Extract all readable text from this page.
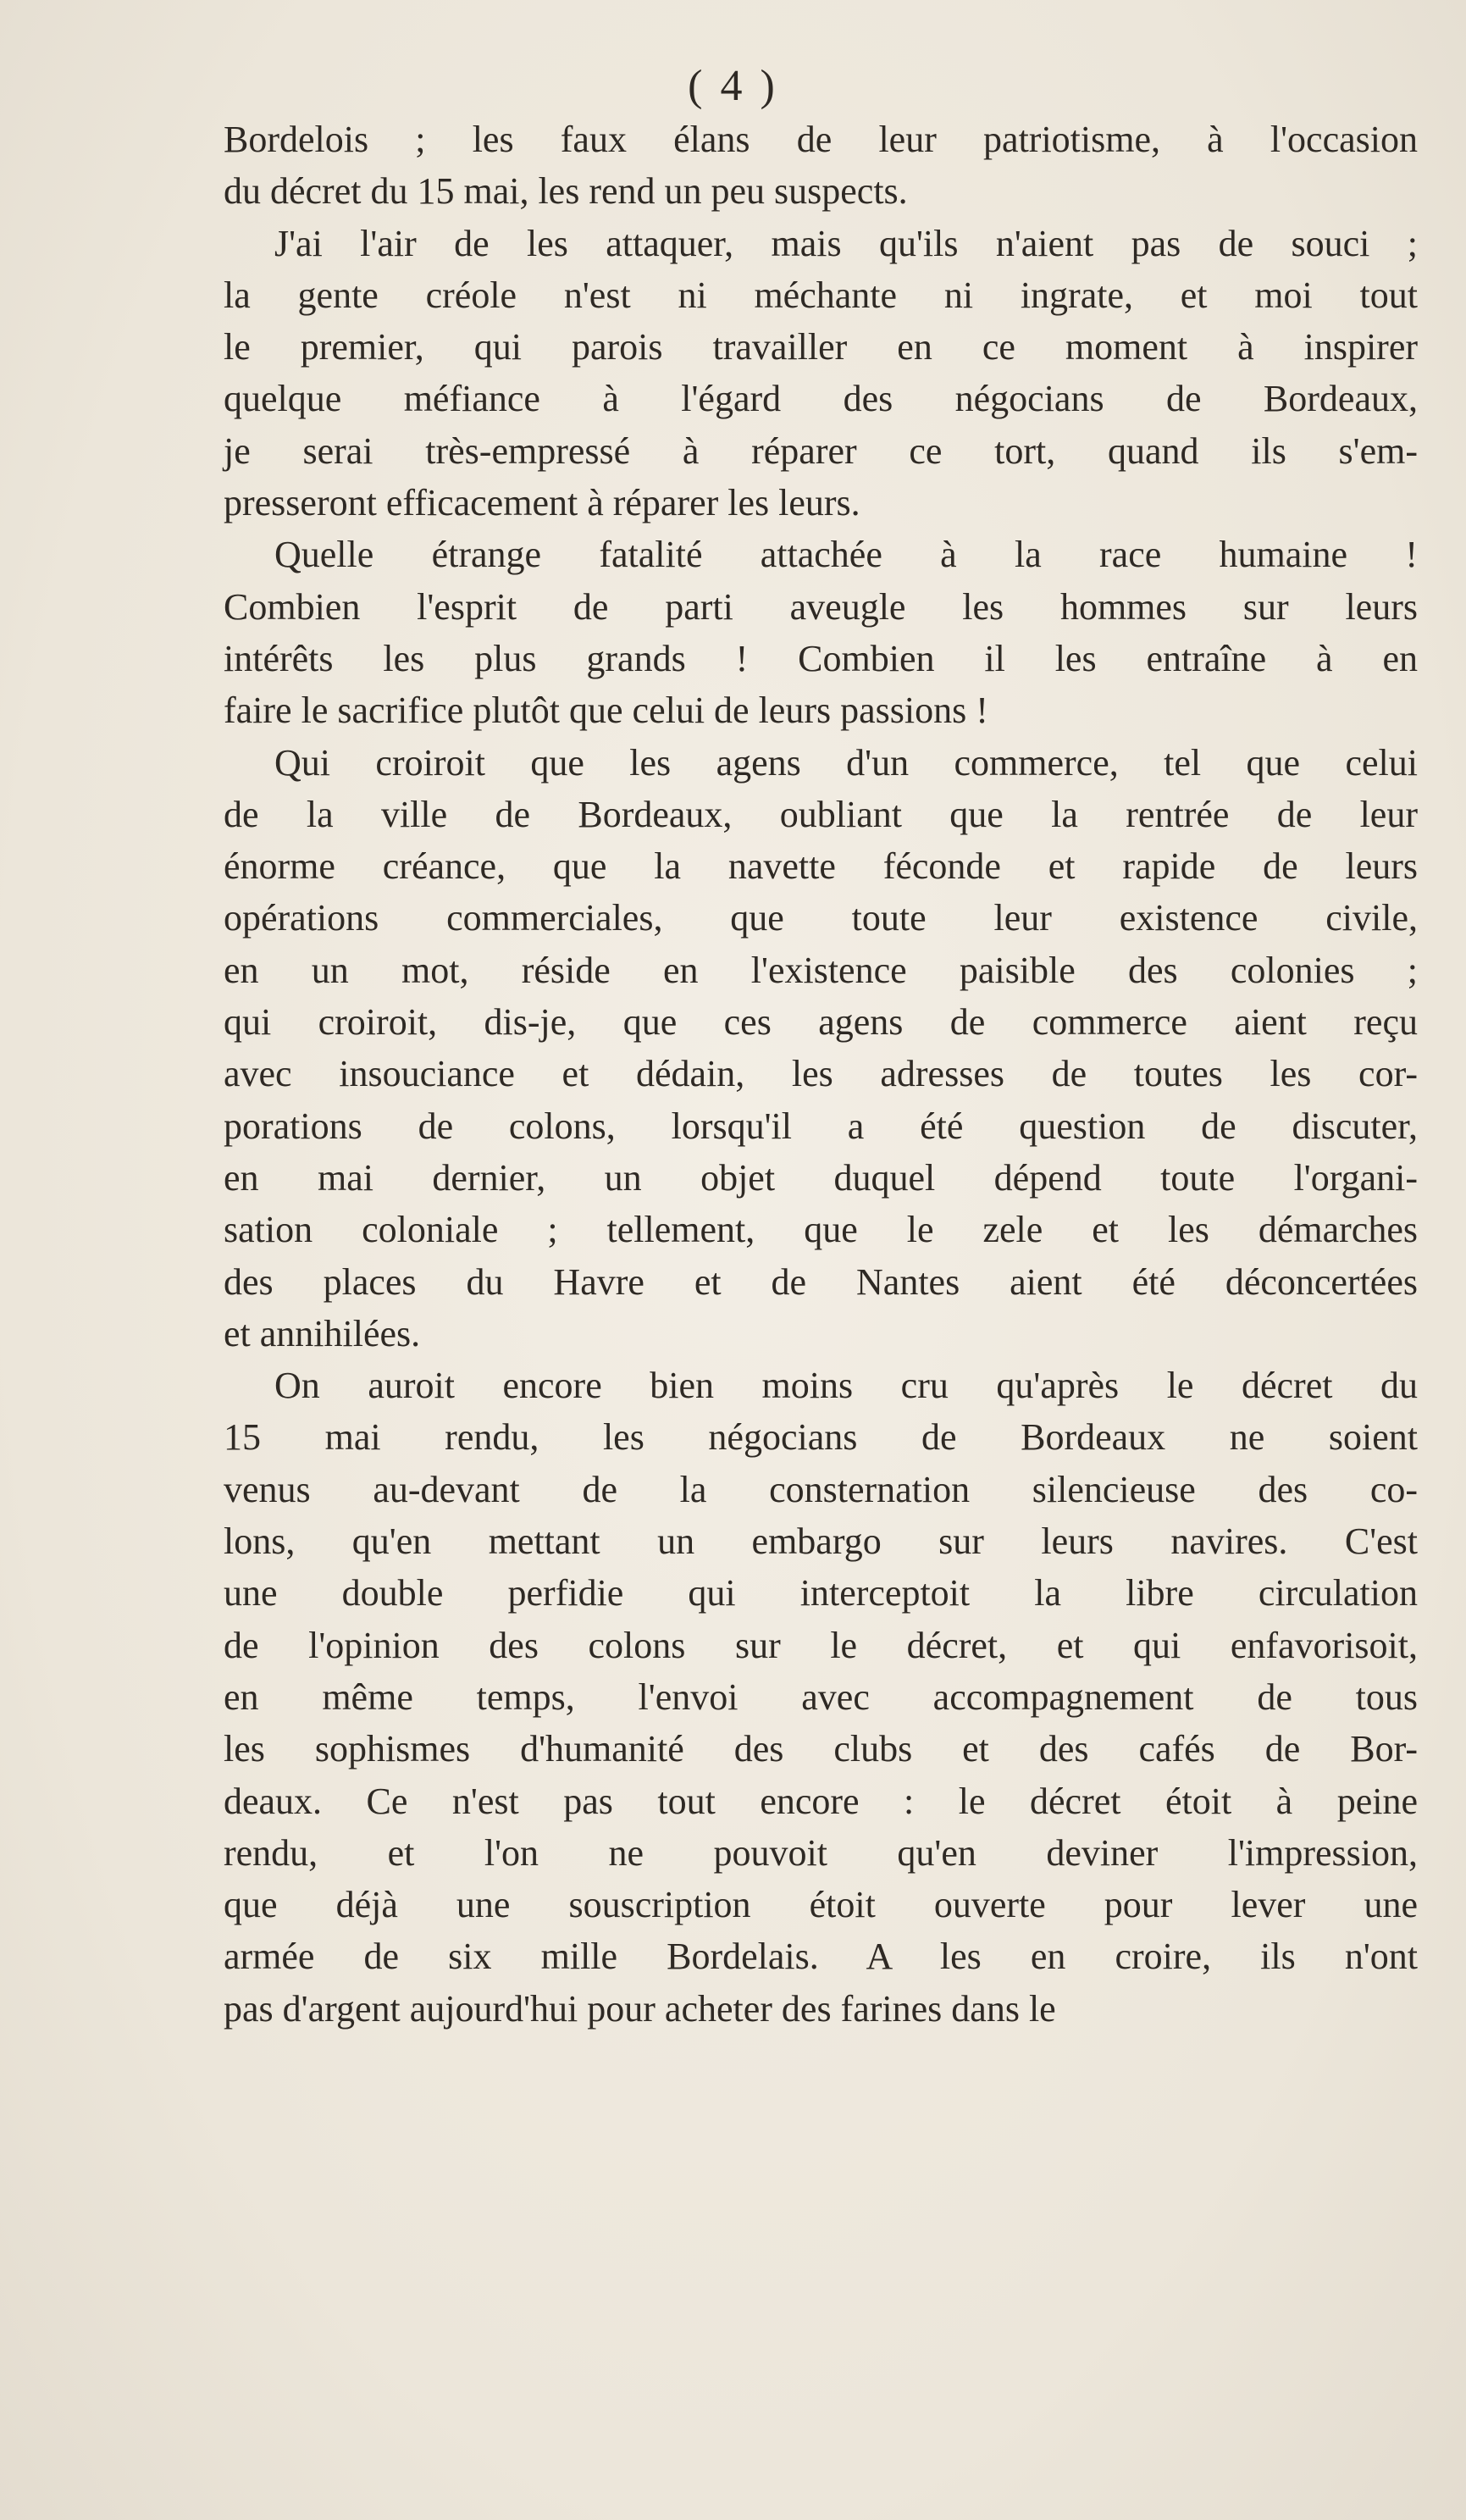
( 4 )
Bordelois ; les faux élans de leur patriotisme, à l'occasion
du décret du 15 mai, les rend un peu suspects.
J'ai l'air de les attaquer, mais qu'ils n'aient pas de souci ;
la gente créole n'est ni méchante ni ingrate, et moi tout
le premier, qui parois travailler en ce moment à inspirer
quelque méfiance à l'égard des négocians de Bordeaux,
je serai très-empressé à réparer ce tort, quand ils s'em-
presseront efficacement à réparer les leurs.
Quelle étrange fatalité attachée à la race humaine !
Combien l'esprit de parti aveugle les hommes sur leurs
intérêts les plus grands ! Combien il les entraîne à en
faire le sacrifice plutôt que celui de leurs passions !
Qui croiroit que les agens d'un commerce, tel que celui
de la ville de Bordeaux, oubliant que la rentrée de leur
énorme créance, que la navette féconde et rapide de leurs
opérations commerciales, que toute leur existence civile,
en un mot, réside en l'existence paisible des colonies ;
qui croiroit, dis-je, que ces agens de commerce aient reçu
avec insouciance et dédain, les adresses de toutes les cor-
porations de colons, lorsqu'il a été question de discuter,
en mai dernier, un objet duquel dépend toute l'organi-
sation coloniale ; tellement, que le zele et les démarches
des places du Havre et de Nantes aient été déconcertées
et annihilées.
On auroit encore bien moins cru qu'après le décret du
15 mai rendu, les négocians de Bordeaux ne soient
venus au-devant de la consternation silencieuse des co-
lons, qu'en mettant un embargo sur leurs navires. C'est
une double perfidie qui interceptoit la libre circulation
de l'opinion des colons sur le décret, et qui enfavorisoit,
en même temps, l'envoi avec accompagnement de tous
les sophismes d'humanité des clubs et des cafés de Bor-
deaux. Ce n'est pas tout encore : le décret étoit à peine
rendu, et l'on ne pouvoit qu'en deviner l'impression,
que déjà une souscription étoit ouverte pour lever une
armée de six mille Bordelais. A les en croire, ils n'ont
pas d'argent aujourd'hui pour acheter des farines dans le
